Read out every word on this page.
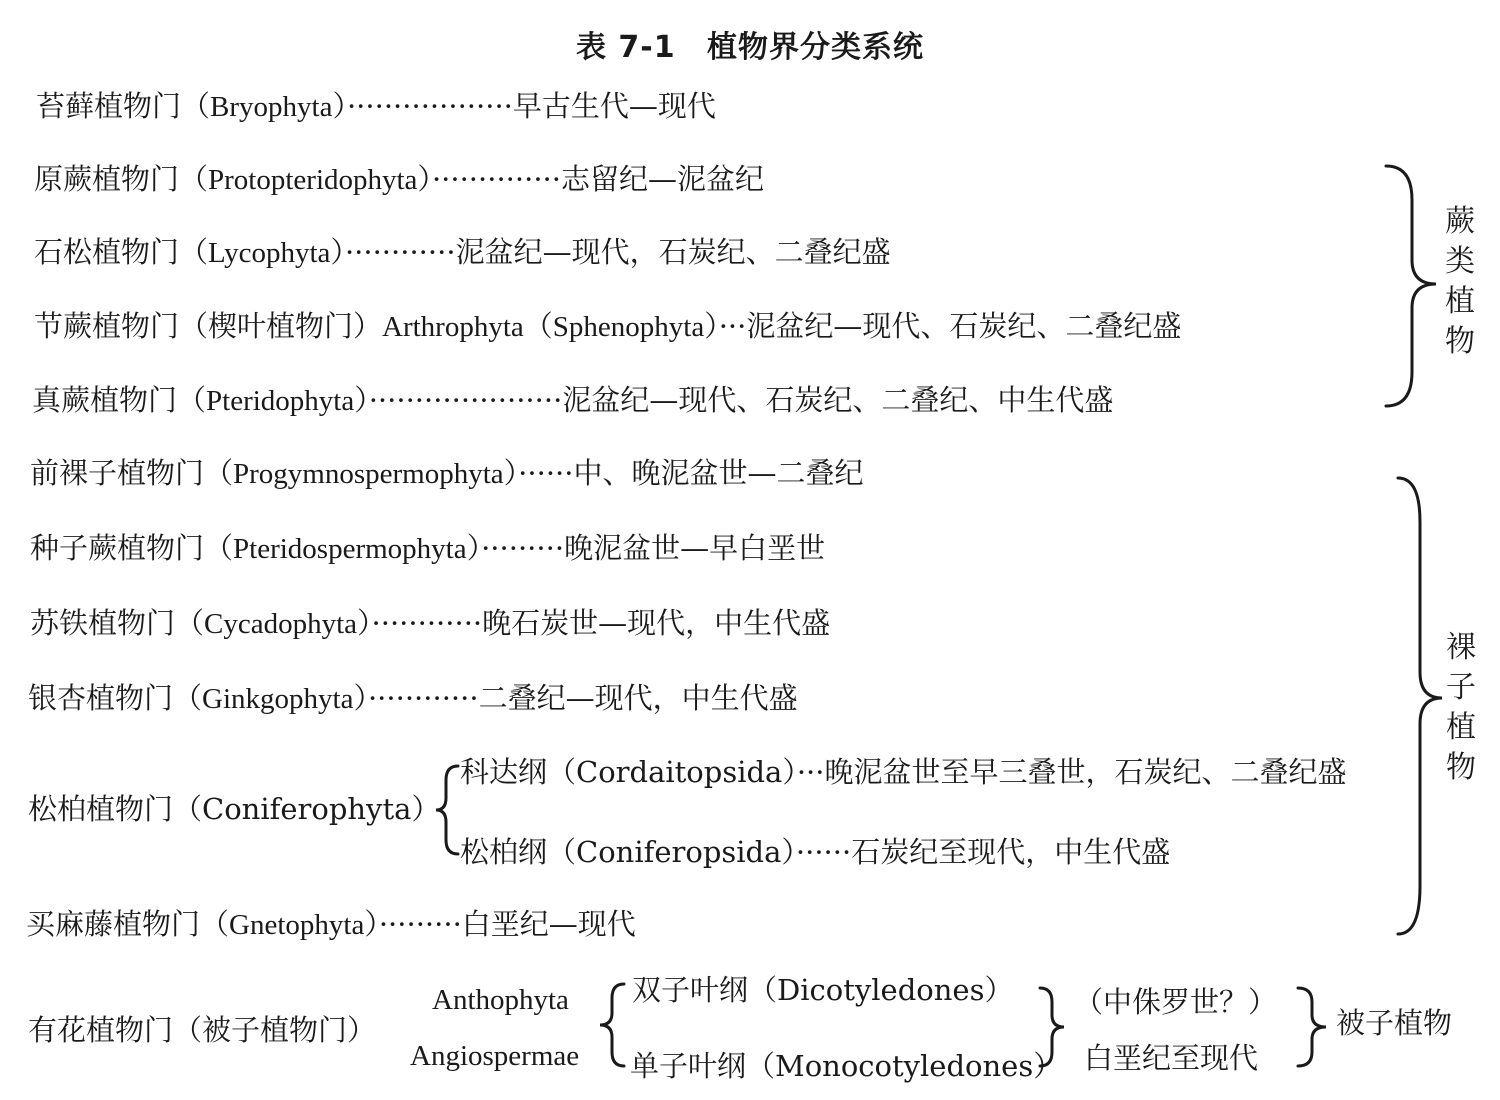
表 7-1 植物界分类系统
苔藓植物门（Bryophyta）··················早古生代—现代
原蕨植物门（Protopteridophyta）··············志留纪—泥盆纪
石松植物门（Lycophyta）············泥盆纪—现代，石炭纪、二叠纪盛
节蕨植物门（楔叶植物门）Arthrophyta（Sphenophyta）···泥盆纪—现代、石炭纪、二叠纪盛
真蕨植物门（Pteridophyta）·····················泥盆纪—现代、石炭纪、二叠纪、中生代盛
前裸子植物门（Progymnospermophyta）······中、晚泥盆世—二叠纪
种子蕨植物门（Pteridospermophyta）·········晚泥盆世—早白垩世
苏铁植物门（Cycadophyta）············晚石炭世—现代，中生代盛
银杏植物门（Ginkgophyta）············二叠纪—现代，中生代盛
松柏植物门（Coniferophyta）
科达纲（Cordaitopsida）···晚泥盆世至早三叠世，石炭纪、二叠纪盛
松柏纲（Coniferopsida）······石炭纪至现代，中生代盛
买麻藤植物门（Gnetophyta）·········白垩纪—现代
有花植物门（被子植物门）
Anthophyta
Angiospermae
双子叶纲（Dicotyledones）
单子叶纲（Monocotyledones）
（中侏罗世？）
白垩纪至现代
被子植物
蕨
类
植
物
裸
子
植
物
